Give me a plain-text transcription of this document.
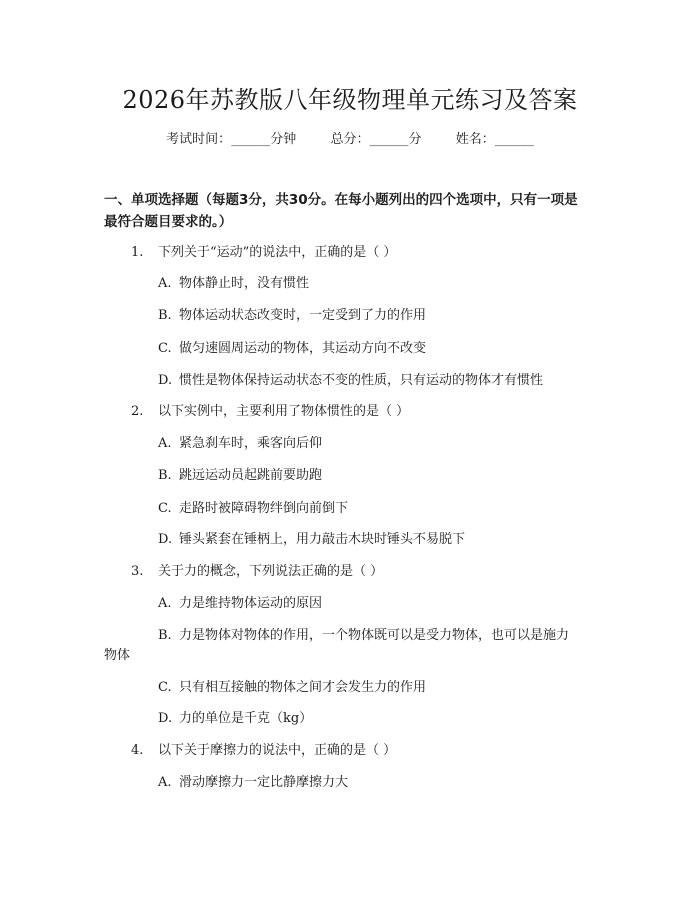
2026年苏教版八年级物理单元练习及答案
考试时间：______分钟	总分：______分	姓名：______
一、单项选择题（每题3分，共30分。在每小题列出的四个选项中，只有一项是
最符合题目要求的。）
1. 下列关于“运动”的说法中，正确的是（ ）
A. 物体静止时，没有惯性
B. 物体运动状态改变时，一定受到了力的作用
C. 做匀速圆周运动的物体，其运动方向不改变
D. 惯性是物体保持运动状态不变的性质，只有运动的物体才有惯性
2. 以下实例中，主要利用了物体惯性的是（ ）
A. 紧急刹车时，乘客向后仰
B. 跳远运动员起跳前要助跑
C. 走路时被障碍物绊倒向前倒下
D. 锤头紧套在锤柄上，用力敲击木块时锤头不易脱下
3. 关于力的概念，下列说法正确的是（ ）
A. 力是维持物体运动的原因
B. 力是物体对物体的作用，一个物体既可以是受力物体，也可以是施力
物体
C. 只有相互接触的物体之间才会发生力的作用
D. 力的单位是千克（kg）
4. 以下关于摩擦力的说法中，正确的是（ ）
A. 滑动摩擦力一定比静摩擦力大
